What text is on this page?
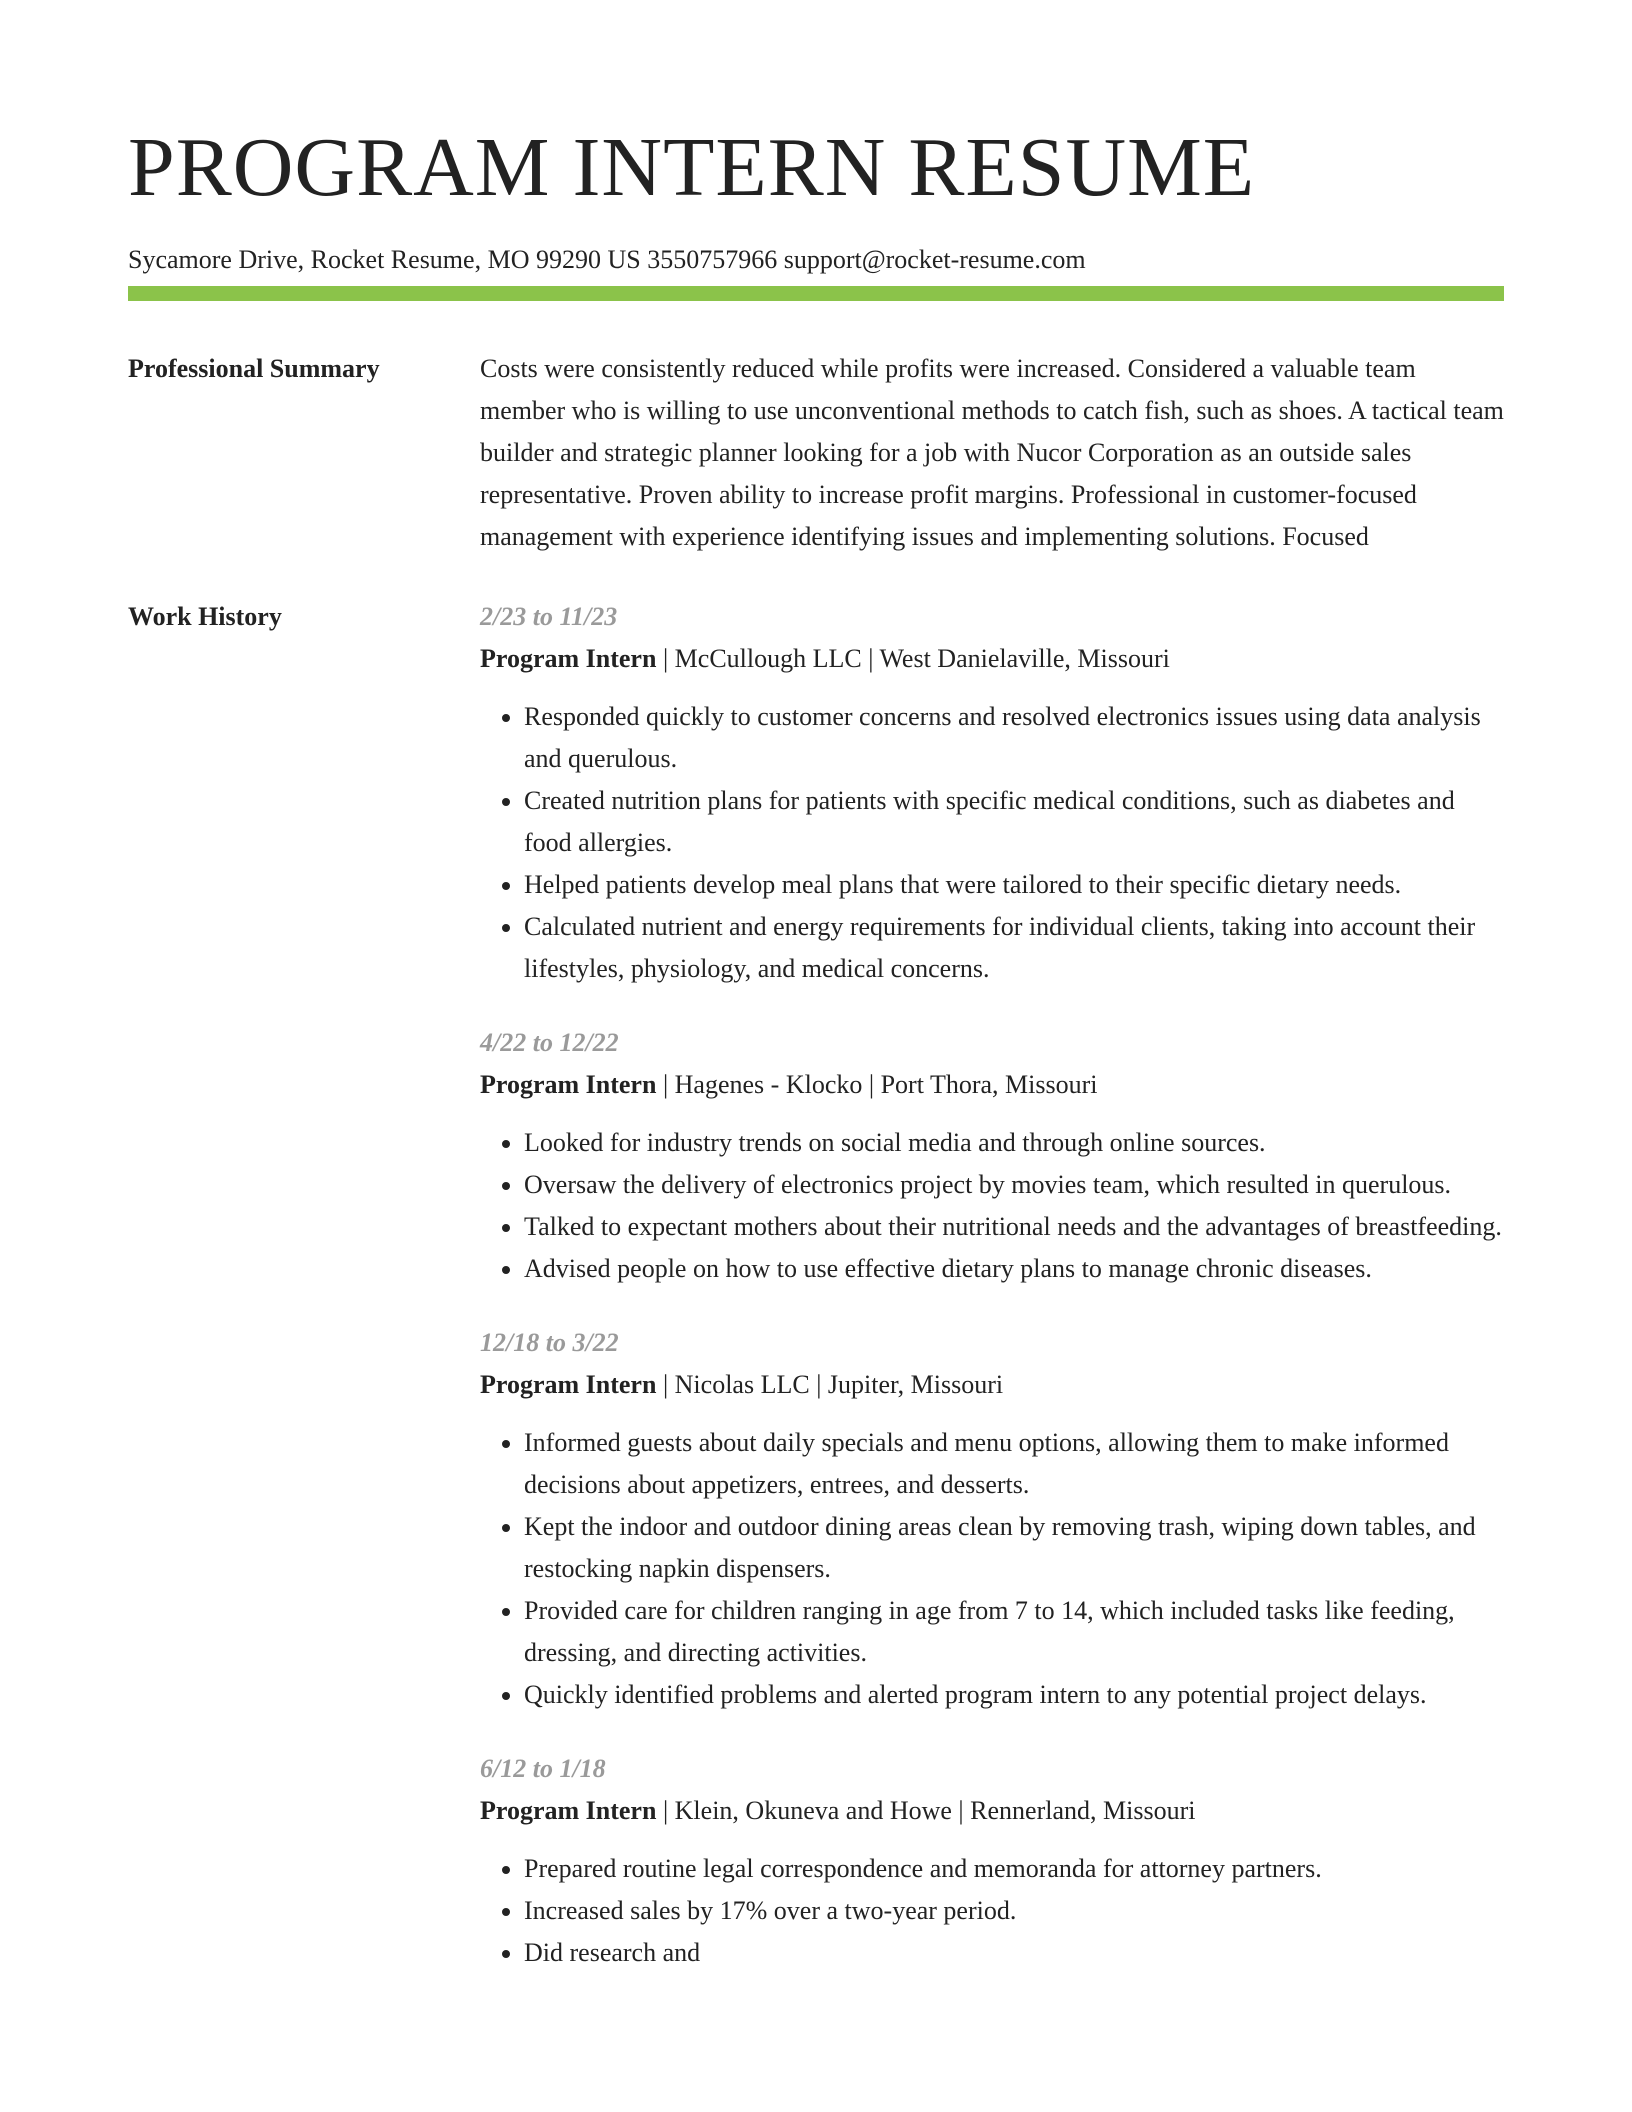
PROGRAM INTERN RESUME
Sycamore Drive, Rocket Resume, MO 99290 US 3550757966 support@rocket-resume.com
Professional Summary	Costs were consistently reduced while profits were increased. Considered a valuable team member who is willing to use unconventional methods to catch fish, such as shoes. A tactical team builder and strategic planner looking for a job with Nucor Corporation as an outside sales representative. Proven ability to increase profit margins. Professional in customer-focused management with experience identifying issues and implementing solutions. Focused
Work History	2/23 to 11/23
Program Intern | McCullough LLC | West Danielaville, Missouri
• Responded quickly to customer concerns and resolved electronics issues using data analysis and querulous.
• Created nutrition plans for patients with specific medical conditions, such as diabetes and food allergies.
• Helped patients develop meal plans that were tailored to their specific dietary needs.
• Calculated nutrient and energy requirements for individual clients, taking into account their lifestyles, physiology, and medical concerns.
4/22 to 12/22
Program Intern | Hagenes - Klocko | Port Thora, Missouri
• Looked for industry trends on social media and through online sources.
• Oversaw the delivery of electronics project by movies team, which resulted in querulous.
• Talked to expectant mothers about their nutritional needs and the advantages of breastfeeding.
• Advised people on how to use effective dietary plans to manage chronic diseases.
12/18 to 3/22
Program Intern | Nicolas LLC | Jupiter, Missouri
• Informed guests about daily specials and menu options, allowing them to make informed decisions about appetizers, entrees, and desserts.
• Kept the indoor and outdoor dining areas clean by removing trash, wiping down tables, and restocking napkin dispensers.
• Provided care for children ranging in age from 7 to 14, which included tasks like feeding, dressing, and directing activities.
• Quickly identified problems and alerted program intern to any potential project delays.
6/12 to 1/18
Program Intern | Klein, Okuneva and Howe | Rennerland, Missouri
• Prepared routine legal correspondence and memoranda for attorney partners.
• Increased sales by 17% over a two-year period.
• Did research and
